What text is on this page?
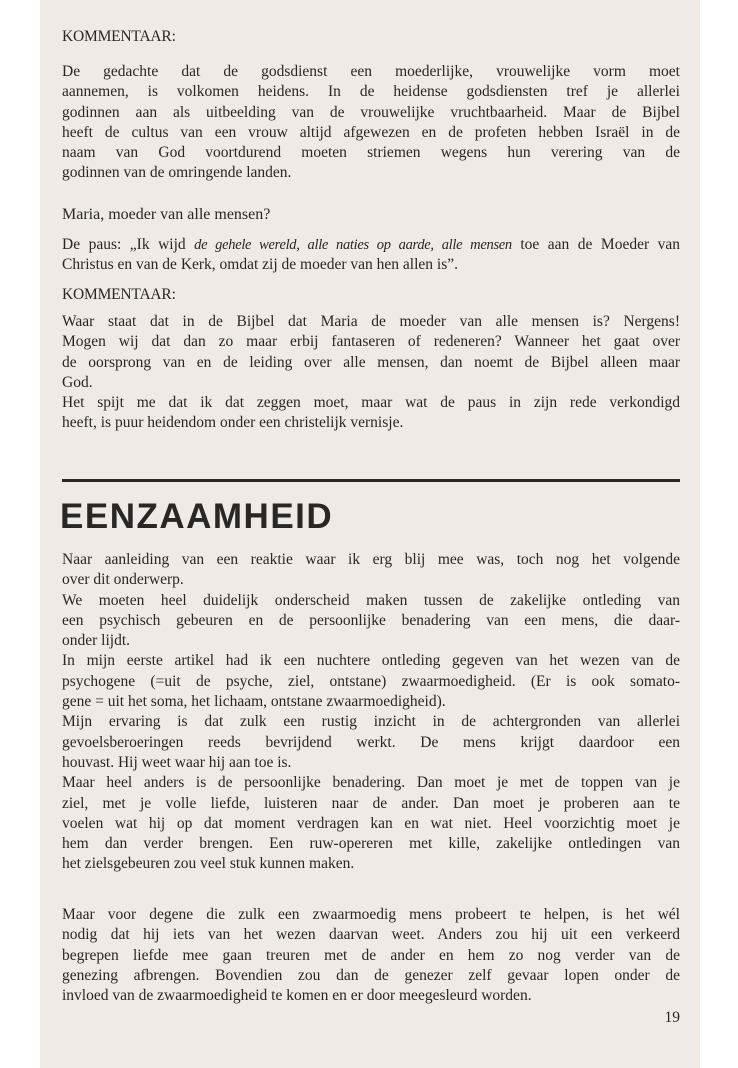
KOMMENTAAR:
De gedachte dat de godsdienst een moederlijke, vrouwelijke vorm moet
aannemen, is volkomen heidens. In de heidense godsdiensten tref je allerlei
godinnen aan als uitbeelding van de vrouwelijke vruchtbaarheid. Maar de Bijbel
heeft de cultus van een vrouw altijd afgewezen en de profeten hebben Israël in de
naam van God voortdurend moeten striemen wegens hun verering van de
godinnen van de omringende landen.
Maria, moeder van alle mensen?
De paus: „Ik wijd de gehele wereld, alle naties op aarde, alle mensen toe aan de Moeder van
Christus en van de Kerk, omdat zij de moeder van hen allen is”.
KOMMENTAAR:
Waar staat dat in de Bijbel dat Maria de moeder van alle mensen is? Nergens!
Mogen wij dat dan zo maar erbij fantaseren of redeneren? Wanneer het gaat over
de oorsprong van en de leiding over alle mensen, dan noemt de Bijbel alleen maar
God.
Het spijt me dat ik dat zeggen moet, maar wat de paus in zijn rede verkondigd
heeft, is puur heidendom onder een christelijk vernisje.
EENZAAMHEID
Naar aanleiding van een reaktie waar ik erg blij mee was, toch nog het volgende
over dit onderwerp.
We moeten heel duidelijk onderscheid maken tussen de zakelijke ontleding van
een psychisch gebeuren en de persoonlijke benadering van een mens, die daar-
onder lijdt.
In mijn eerste artikel had ik een nuchtere ontleding gegeven van het wezen van de
psychogene (=uit de psyche, ziel, ontstane) zwaarmoedigheid. (Er is ook somato-
gene = uit het soma, het lichaam, ontstane zwaarmoedigheid).
Mijn ervaring is dat zulk een rustig inzicht in de achtergronden van allerlei
gevoelsberoeringen reeds bevrijdend werkt. De mens krijgt daardoor een
houvast. Hij weet waar hij aan toe is.
Maar heel anders is de persoonlijke benadering. Dan moet je met de toppen van je
ziel, met je volle liefde, luisteren naar de ander. Dan moet je proberen aan te
voelen wat hij op dat moment verdragen kan en wat niet. Heel voorzichtig moet je
hem dan verder brengen. Een ruw-opereren met kille, zakelijke ontledingen van
het zielsgebeuren zou veel stuk kunnen maken.
Maar voor degene die zulk een zwaarmoedig mens probeert te helpen, is het wél
nodig dat hij iets van het wezen daarvan weet. Anders zou hij uit een verkeerd
begrepen liefde mee gaan treuren met de ander en hem zo nog verder van de
genezing afbrengen. Bovendien zou dan de genezer zelf gevaar lopen onder de
invloed van de zwaarmoedigheid te komen en er door meegesleurd worden.
19
